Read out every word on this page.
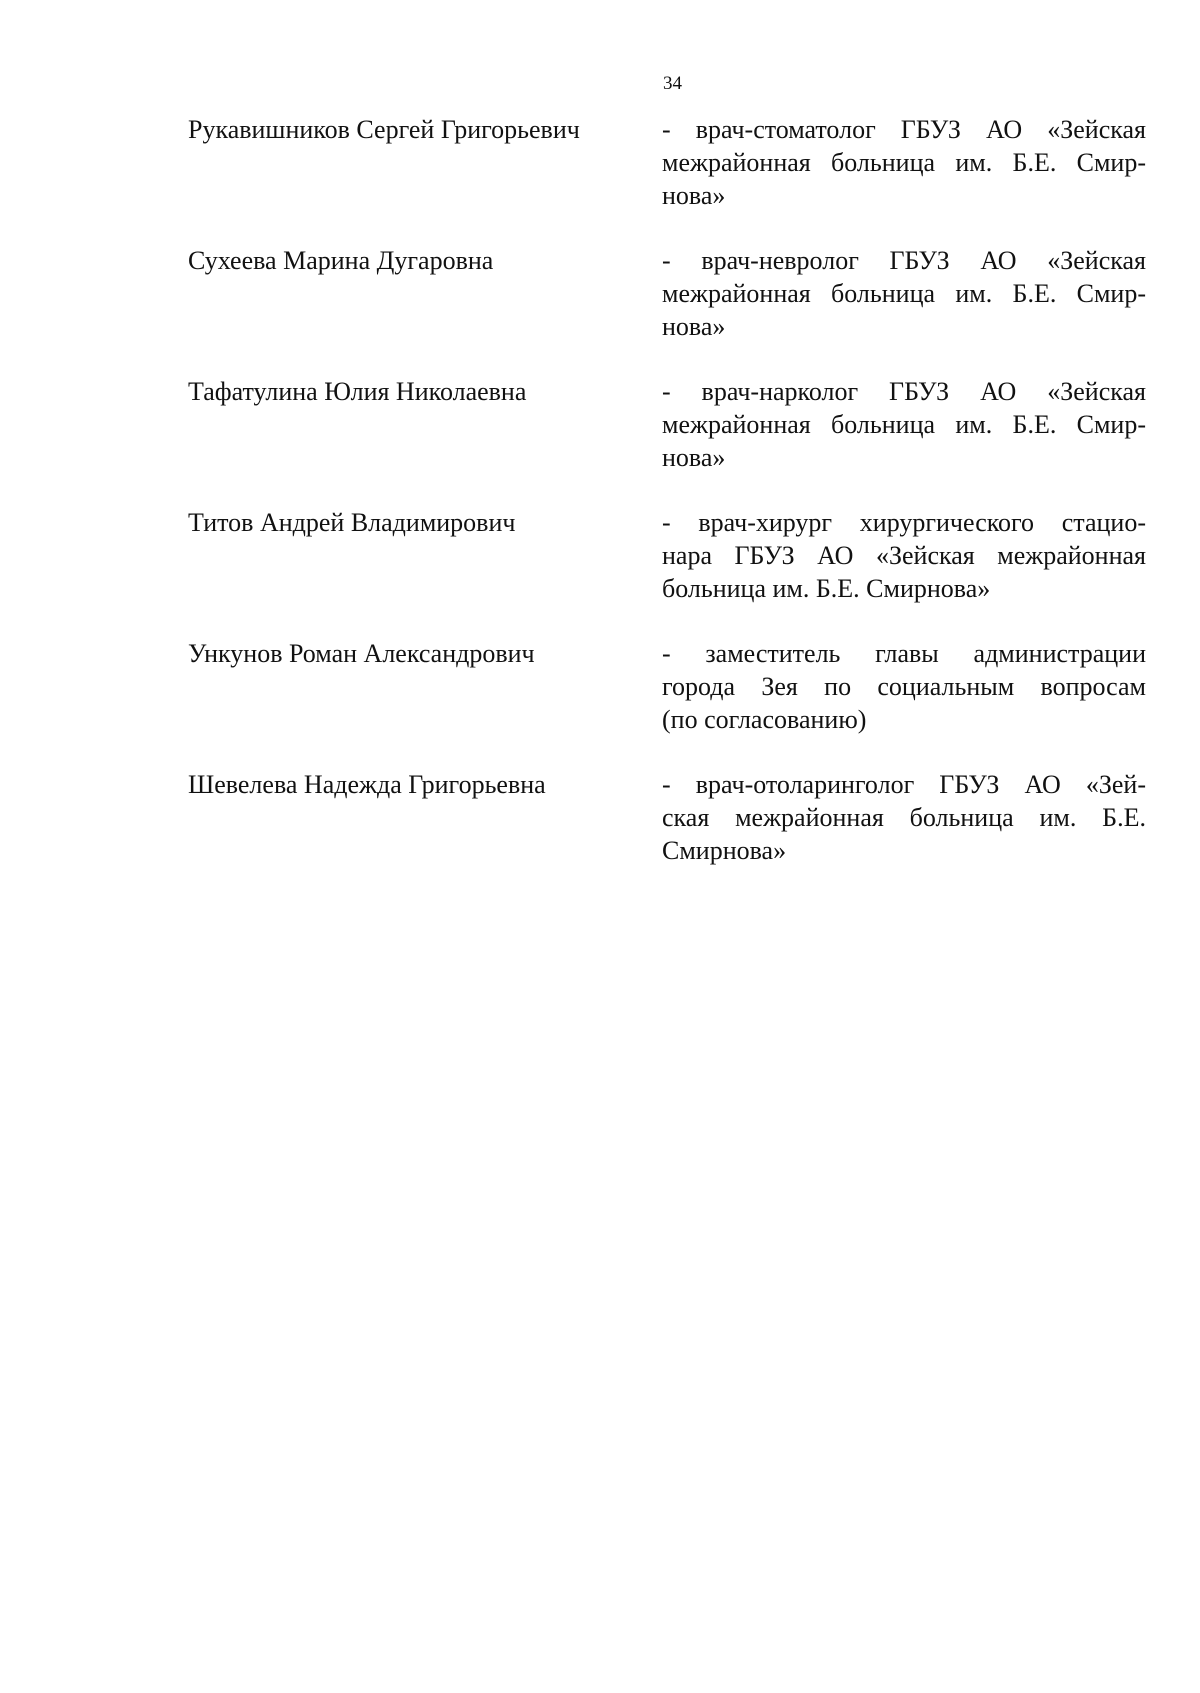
34
Рукавишников Сергей Григорьевич	- врач-стоматолог ГБУЗ АО «Зейская
межрайонная больница им. Б.Е. Смир-
нова»
Сухеева Марина Дугаровна	- врач-невролог ГБУЗ АО «Зейская
межрайонная больница им. Б.Е. Смир-
нова»
Тафатулина Юлия Николаевна	- врач-нарколог ГБУЗ АО «Зейская
межрайонная больница им. Б.Е. Смир-
нова»
Титов Андрей Владимирович	- врач-хирург хирургического стацио-
нара ГБУЗ АО «Зейская межрайонная
больница им. Б.Е. Смирнова»
Ункунов Роман Александрович	- заместитель главы администрации
города Зея по социальным вопросам
(по согласованию)
Шевелева Надежда Григорьевна	- врач-отоларинголог ГБУЗ АО «Зей-
ская межрайонная больница им. Б.Е.
Смирнова»
